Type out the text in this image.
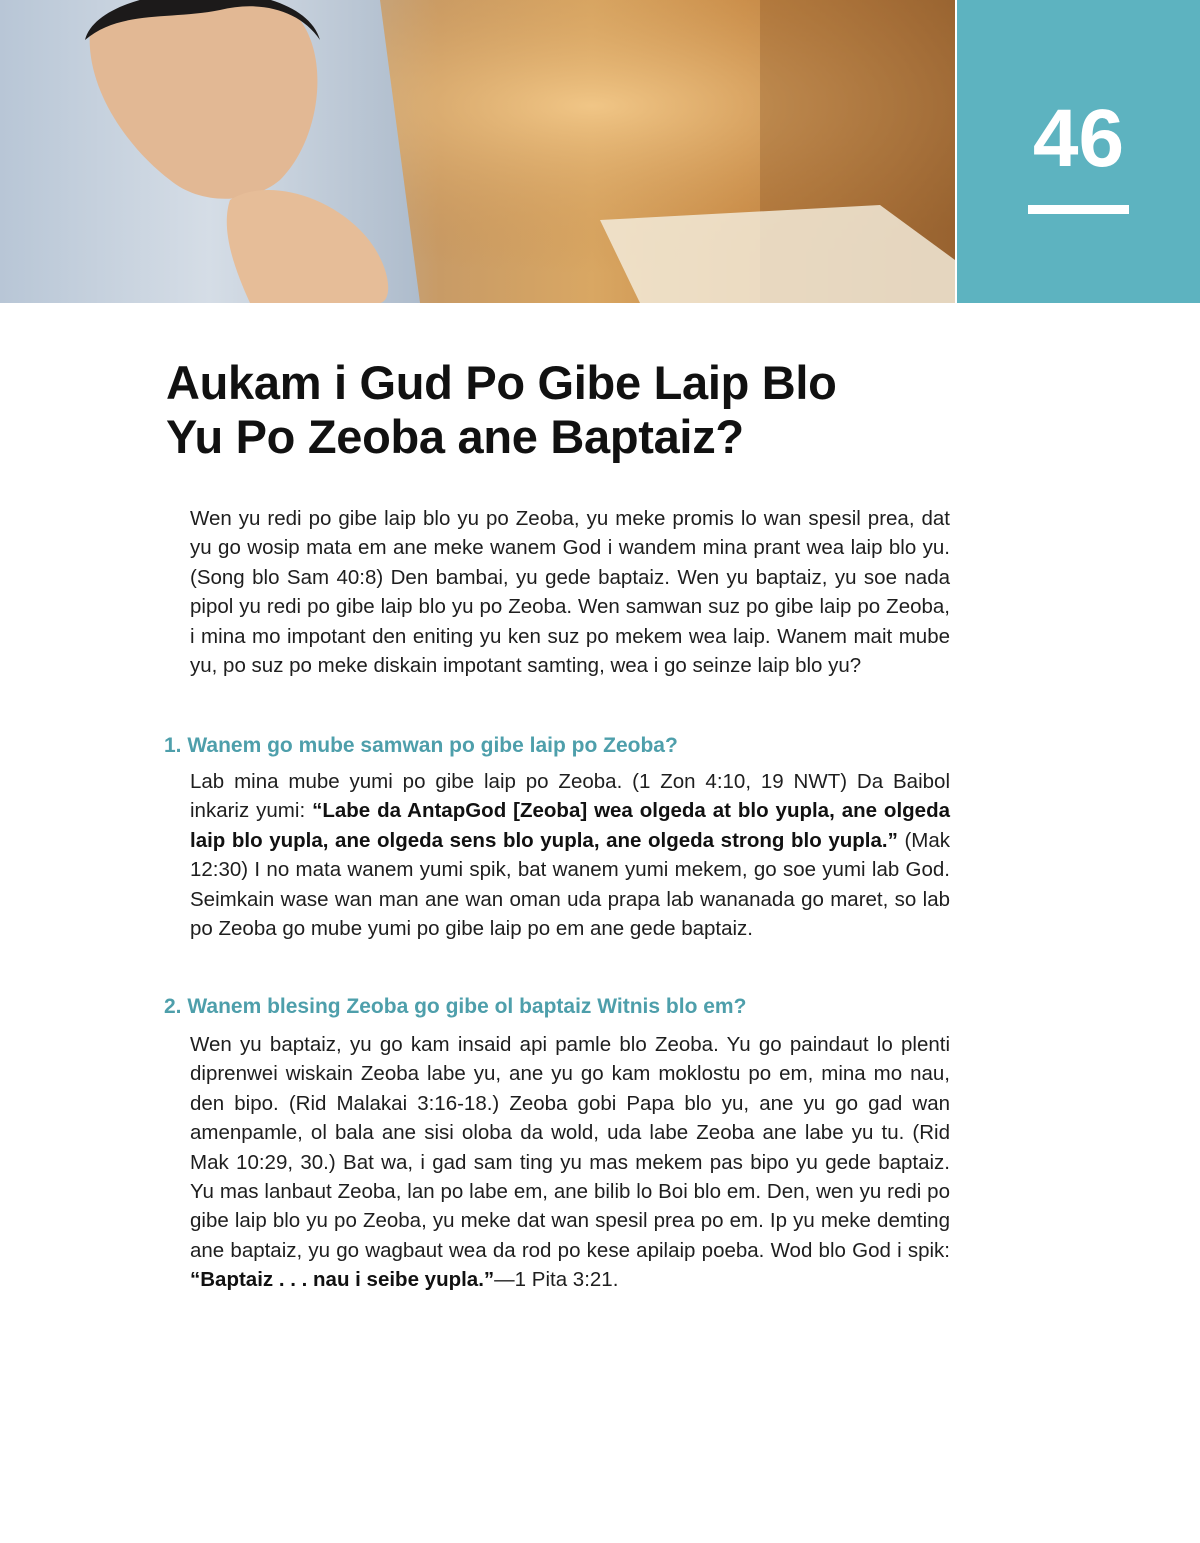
46
Aukam i Gud Po Gibe Laip Blo
Yu Po Zeoba ane Baptaiz?

Wen yu redi po gibe laip blo yu po Zeoba, yu meke promis lo wan spesil prea, dat yu go wosip mata em ane meke wanem God i wandem mina prant wea laip blo yu. (Song blo Sam 40:8) Den bambai, yu gede baptaiz. Wen yu baptaiz, yu soe nada pipol yu redi po gibe laip blo yu po Zeoba. Wen samwan suz po gibe laip po Zeoba, i mina mo impotant den eniting yu ken suz po mekem wea laip. Wanem mait mube yu, po suz po meke diskain impotant samting, wea i go seinze laip blo yu?

1. Wanem go mube samwan po gibe laip po Zeoba?

Lab mina mube yumi po gibe laip po Zeoba. (1 Zon 4:10, 19 NWT) Da Baibol inkariz yumi: “Labe da AntapGod [Zeoba] wea olgeda at blo yupla, ane olgeda laip blo yupla, ane olgeda sens blo yupla, ane olgeda strong blo yupla.” (Mak 12:30) I no mata wanem yumi spik, bat wanem yumi mekem, go soe yumi lab God. Seimkain wase wan man ane wan oman uda prapa lab wananada go maret, so lab po Zeoba go mube yumi po gibe laip po em ane gede baptaiz.

2. Wanem blesing Zeoba go gibe ol baptaiz Witnis blo em?

Wen yu baptaiz, yu go kam insaid api pamle blo Zeoba. Yu go paindaut lo plenti diprenwei wiskain Zeoba labe yu, ane yu go kam moklostu po em, mina mo nau, den bipo. (Rid Malakai 3:16-18.) Zeoba gobi Papa blo yu, ane yu go gad wan amenpamle, ol bala ane sisi oloba da wold, uda labe Zeoba ane labe yu tu. (Rid Mak 10:29, 30.) Bat wa, i gad sam ting yu mas mekem pas bipo yu gede baptaiz. Yu mas lanbaut Zeoba, lan po labe em, ane bilib lo Boi blo em. Den, wen yu redi po gibe laip blo yu po Zeoba, yu meke dat wan spesil prea po em. Ip yu meke demting ane baptaiz, yu go wagbaut wea da rod po kese apilaip poeba. Wod blo God i spik: “Baptaiz . . . nau i seibe yupla.”—1 Pita 3:21.
